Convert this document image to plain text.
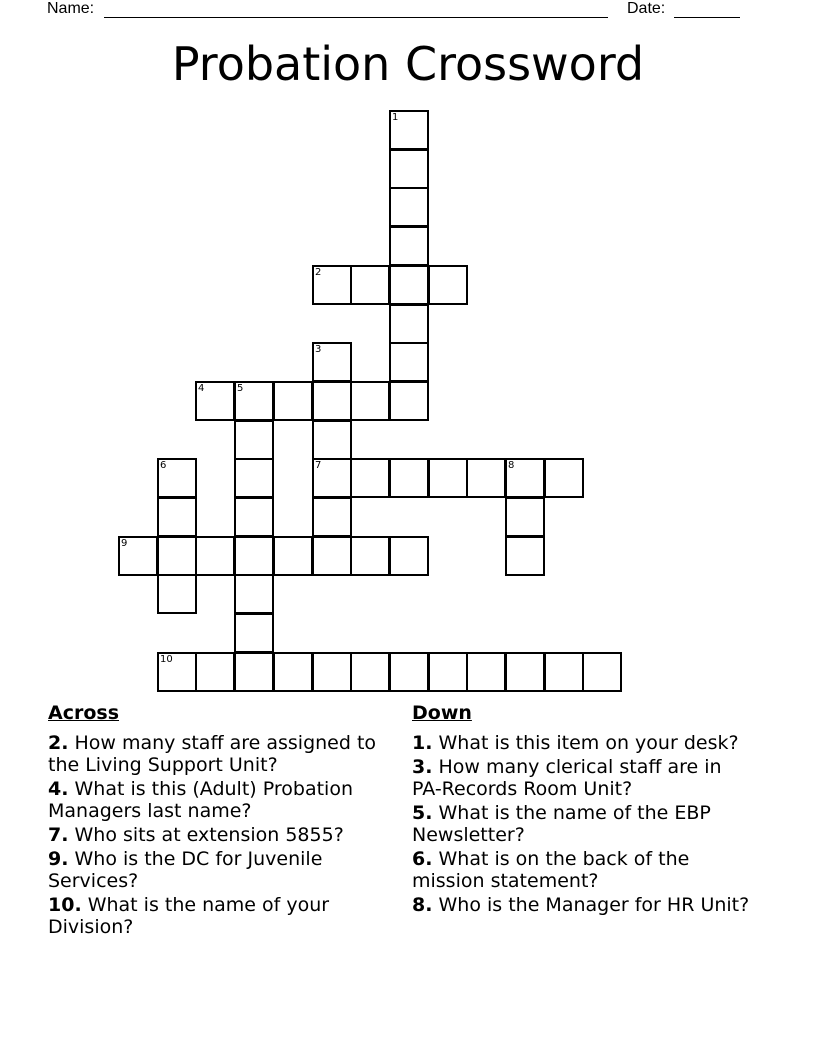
Name:	Date:
Probation Crossword
1
2
3
4	5
6	7	8
9
10
Across
2. How many staff are assigned to the Living Support Unit?
4. What is this (Adult) Probation Managers last name?
7. Who sits at extension 5855?
9. Who is the DC for Juvenile Services?
10. What is the name of your Division?
Down
1. What is this item on your desk?
3. How many clerical staff are in PA-Records Room Unit?
5. What is the name of the EBP Newsletter?
6. What is on the back of the mission statement?
8. Who is the Manager for HR Unit?
